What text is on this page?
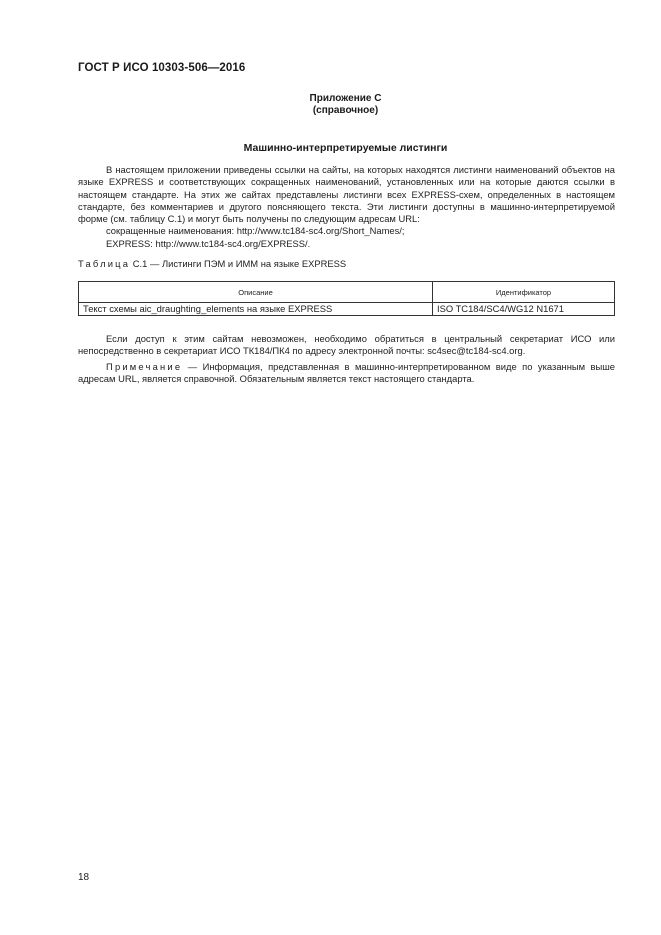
ГОСТ Р ИСО 10303-506—2016
Приложение С
(справочное)
Машинно-интерпретируемые листинги

В настоящем приложении приведены ссылки на сайты, на которых находятся листинги наименований объектов на языке EXPRESS и соответствующих сокращенных наименований, установленных или на которые даются ссылки в настоящем стандарте. На этих же сайтах представлены листинги всех EXPRESS-схем, определенных в настоящем стандарте, без комментариев и другого поясняющего текста. Эти листинги доступны в машинно-интерпретируемой форме (см. таблицу С.1) и могут быть получены по следующим адресам URL:

сокращенные наименования: http://www.tc184-sc4.org/Short_Names/;

EXPRESS: http://www.tc184-sc4.org/EXPRESS/.

Таблица С.1 — Листинги ПЭМ и ИММ на языке EXPRESS
Описание	Идентификатор
Текст схемы aic_draughting_elements на языке EXPRESS	ISO TC184/SC4/WG12 N1671

Если доступ к этим сайтам невозможен, необходимо обратиться в центральный секретариат ИСО или непосредственно в секретариат ИСО ТК184/ПК4 по адресу электронной почты: sc4sec@tc184-sc4.org.

Примечание — Информация, представленная в машинно-интерпретированном виде по указанным выше адресам URL, является справочной. Обязательным является текст настоящего стандарта.

18
